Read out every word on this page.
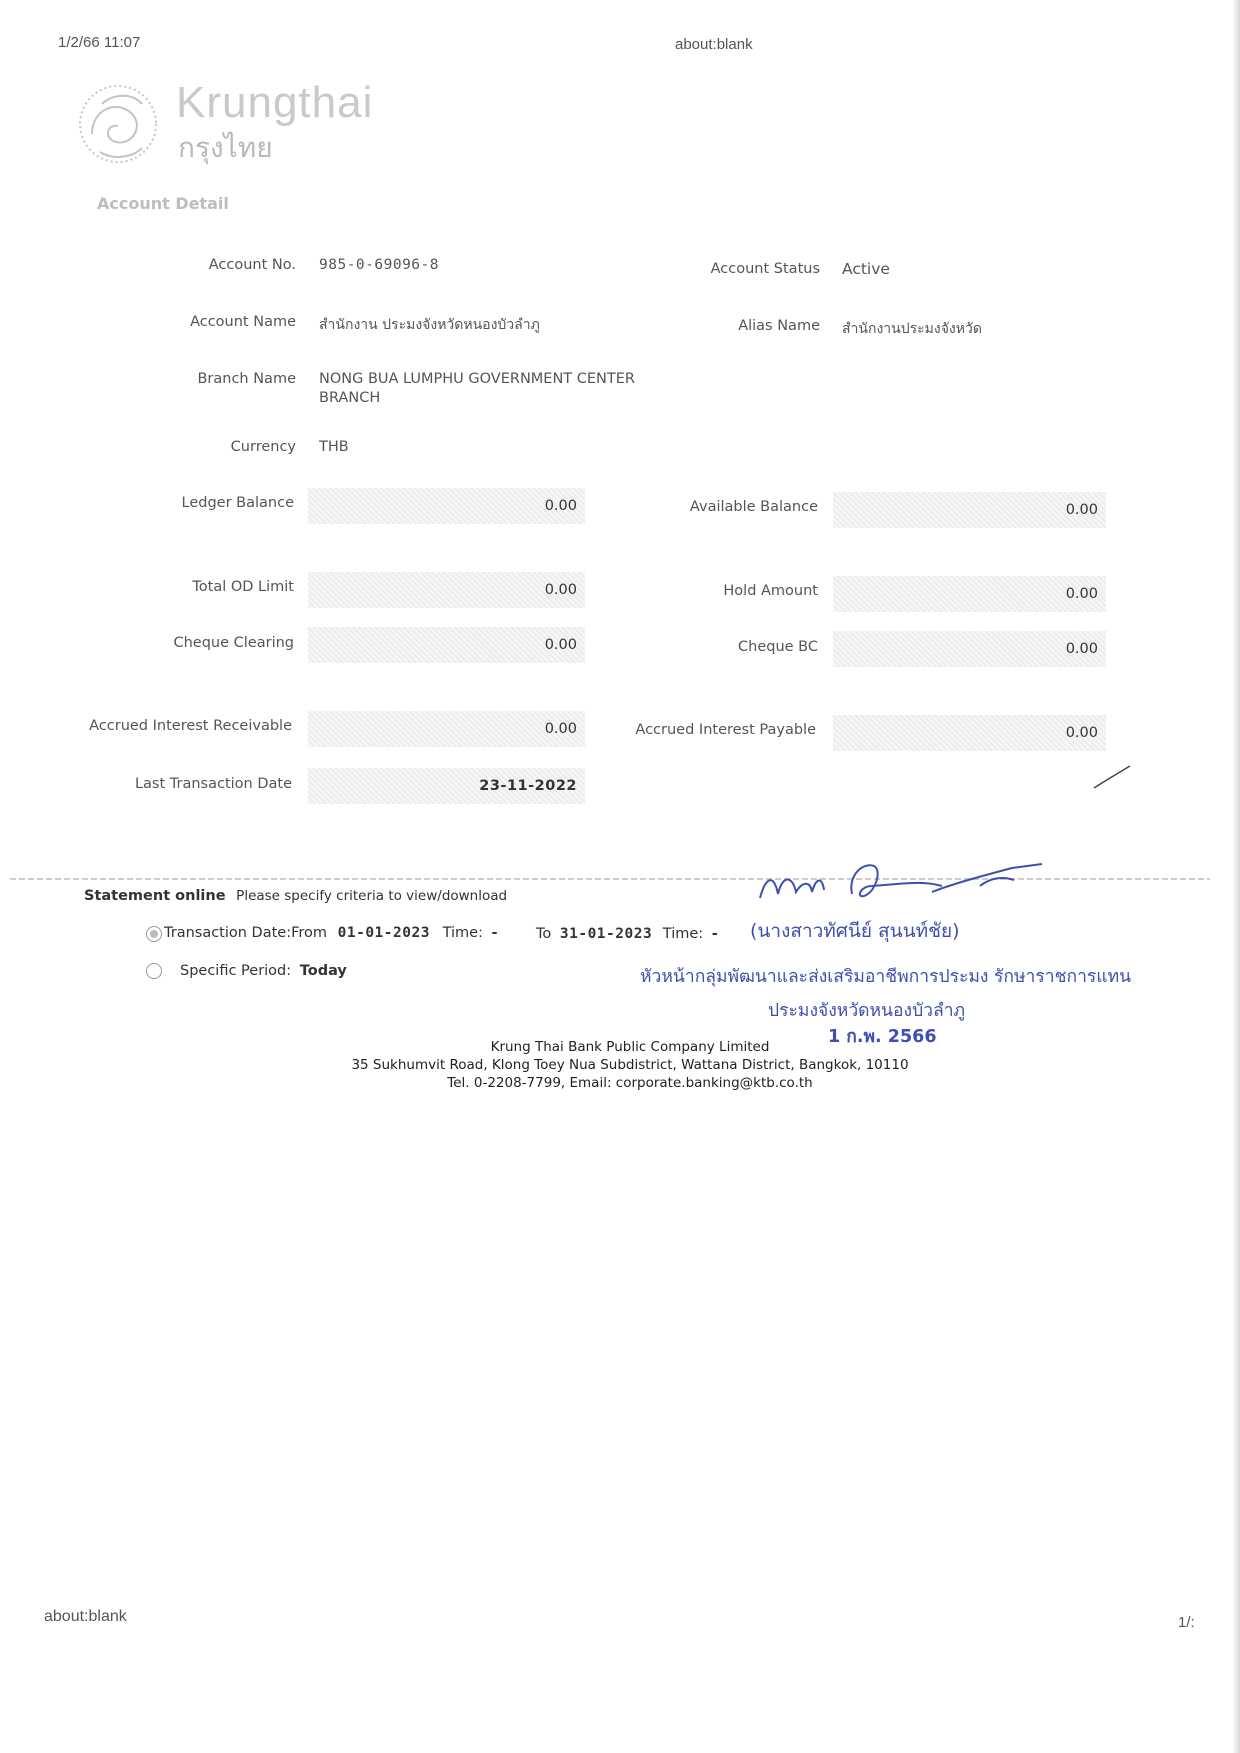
1/2/66 11:07	about:blank
Krungthai
กรุงไทย
Account Detail
Account No. 985-0-69096-8	Account Status Active
Account Name สำนักงาน ประมงจังหวัดหนองบัวลำภู	Alias Name สำนักงานประมงจังหวัด
Branch Name NONG BUA LUMPHU GOVERNMENT CENTER
BRANCH
Currency THB
Ledger Balance	0.00	Available Balance	0.00
Total OD Limit	0.00	Hold Amount	0.00
Cheque Clearing	0.00	Cheque BC	0.00
Accrued Interest Receivable	0.00	Accrued Interest Payable	0.00
Last Transaction Date	23-11-2022
Statement online Please specify criteria to view/download
Transaction Date:From 01-01-2023 Time: -	To 31-01-2023 Time: -
Specific Period: Today
(นางสาวทัศนีย์ สุนนท์ชัย)
หัวหน้ากลุ่มพัฒนาและส่งเสริมอาชีพการประมง รักษาราชการแทน
ประมงจังหวัดหนองบัวลำภู
1 ก.พ. 2566
Krung Thai Bank Public Company Limited
35 Sukhumvit Road, Klong Toey Nua Subdistrict, Wattana District, Bangkok, 10110
Tel. 0-2208-7799, Email: corporate.banking@ktb.co.th
about:blank	1/:
